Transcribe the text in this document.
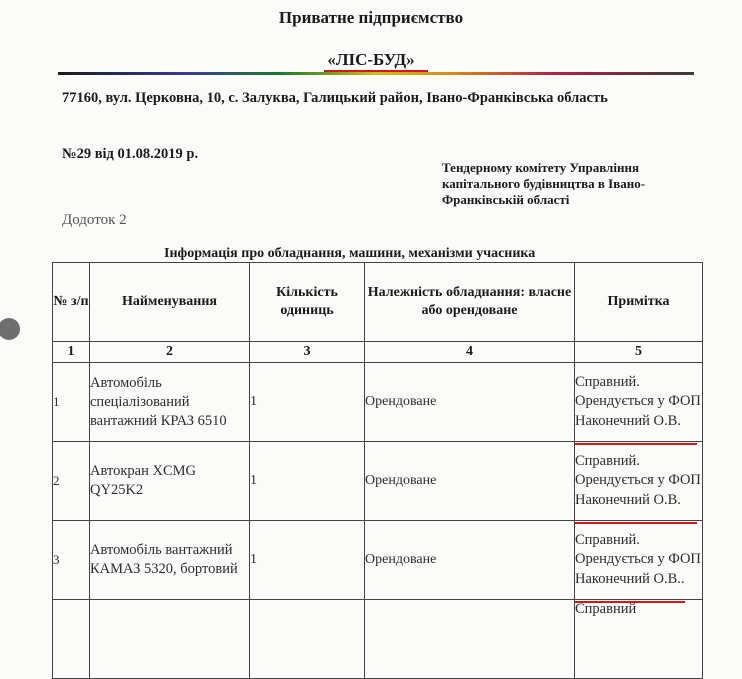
Приватне підприємство
«ЛІС-БУД»
77160, вул. Церковна, 10, с. Залуква, Галицький район, Івано-Франківська область
№29 від 01.08.2019 р.
Тендерному комітету Управління капітального будівництва в Івано-Франківській області
Додоток 2
Інформація про обладнання, машини, механізми учасника
№ з/п	Найменування	Кількість одиниць	Належність обладнання: власне або орендоване	Примітка
1	2	3	4	5
1	Автомобіль спеціалізований вантажний КРАЗ 6510	1	Орендоване	Справний. Орендується у ФОП Наконечний О.В.

2	Автокран XCMG QY25K2	1	Орендоване	Справний. Орендується у ФОП Наконечний О.В.

3	Автомобіль вантажний КАМАЗ 5320, бортовий	1	Орендоване	Справний. Орендується у ФОП Наконечний О.В..

				Справний
